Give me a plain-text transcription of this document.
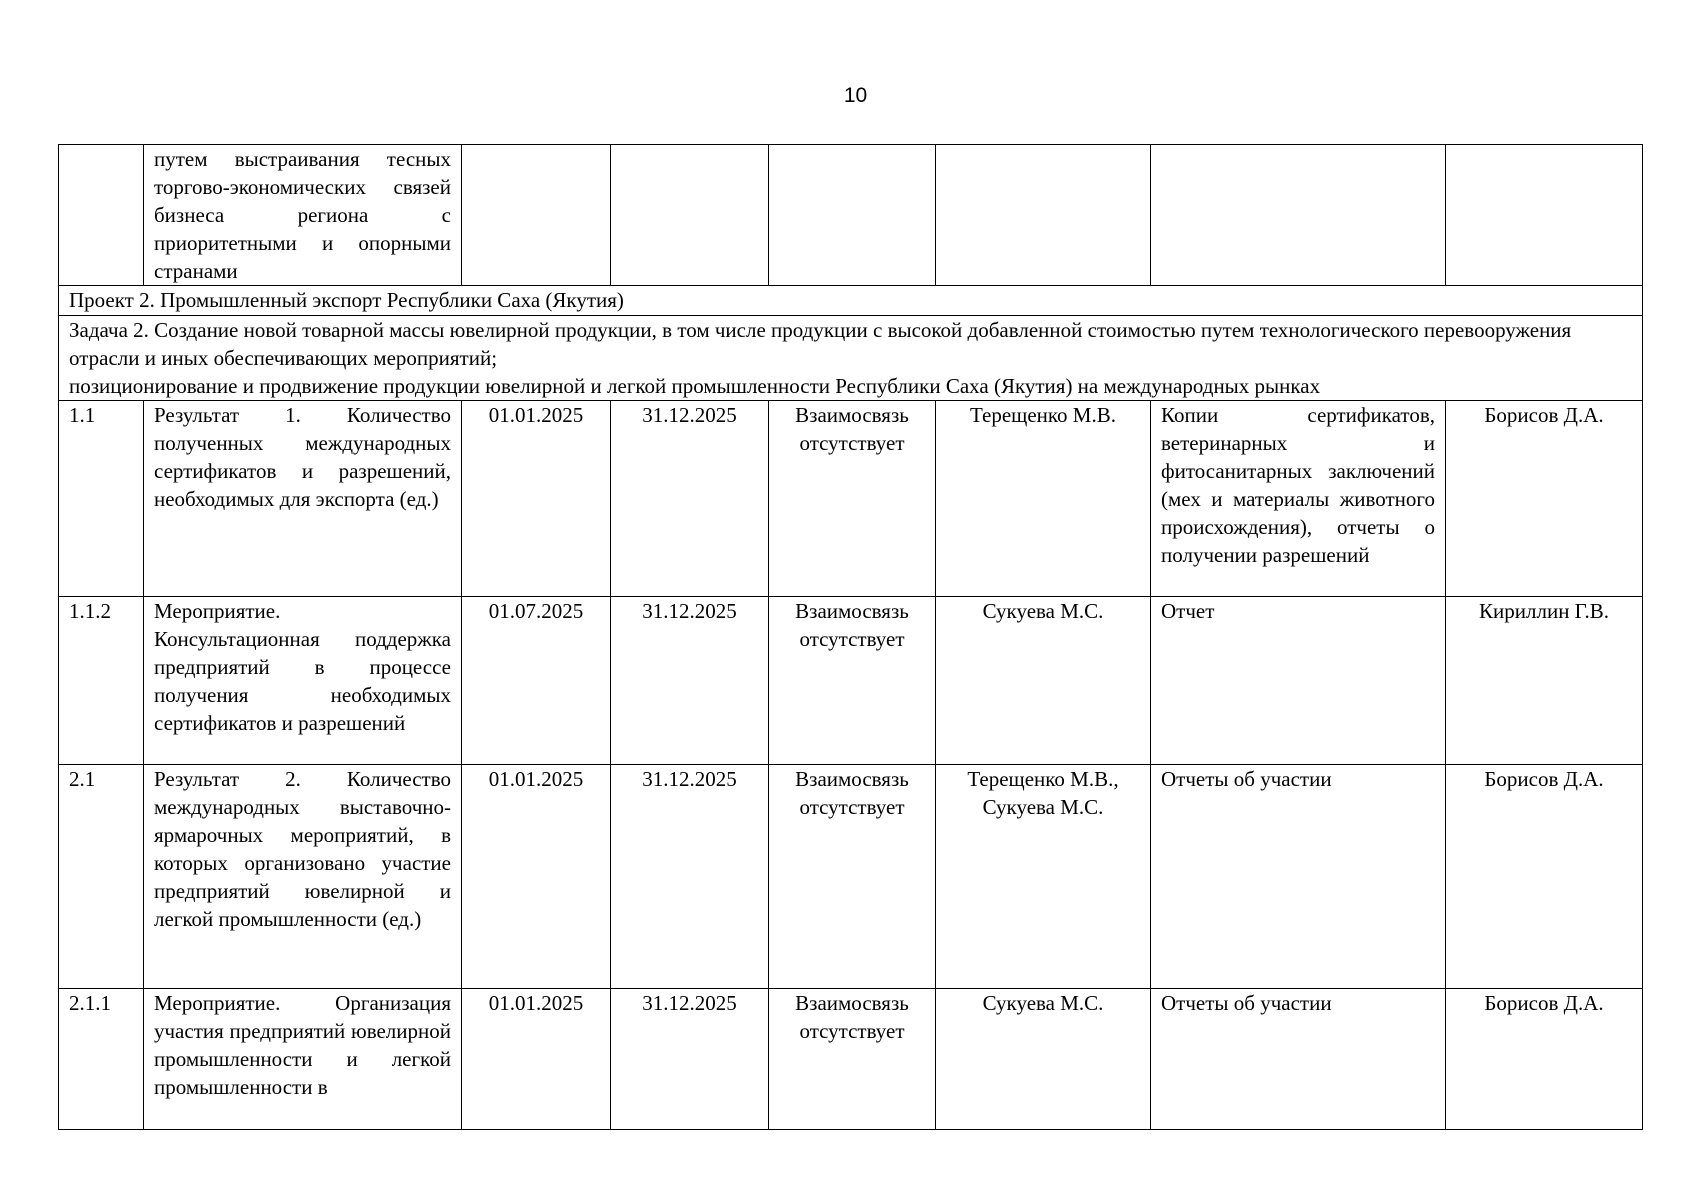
10
	путем выстраивания тесных торгово-экономических связей бизнеса региона с приоритетными и опорными странами						
Проект 2. Промышленный экспорт Республики Саха (Якутия)							

Задача 2. Создание новой товарной массы ювелирной продукции, в том числе продукции с высокой добавленной стоимостью путем технологического перевооружения отрасли и иных обеспечивающих мероприятий;
позиционирование и продвижение продукции ювелирной и легкой промышленности Республики Саха (Якутия) на международных рынках							

1.1	Результат 1. Количество полученных международных сертификатов и разрешений, необходимых для экспорта (ед.)	01.01.2025	31.12.2025	Взаимосвязь отсутствует	Терещенко М.В.	Копии сертификатов, ветеринарных и фитосанитарных заключений (мех и материалы животного происхождения), отчеты о получении разрешений	Борисов Д.А.
1.1.2	Мероприятие. Консультационная поддержка предприятий в процессе получения необходимых сертификатов и разрешений	01.07.2025	31.12.2025	Взаимосвязь отсутствует	Сукуева М.С.	Отчет	Кириллин Г.В.
2.1	Результат 2. Количество международных выставочно-ярмарочных мероприятий, в которых организовано участие предприятий ювелирной и легкой промышленности (ед.)	01.01.2025	31.12.2025	Взаимосвязь отсутствует	Терещенко М.В., Сукуева М.С.	Отчеты об участии	Борисов Д.А.
2.1.1	Мероприятие. Организация участия предприятий ювелирной промышленности и легкой промышленности в	01.01.2025	31.12.2025	Взаимосвязь отсутствует	Сукуева М.С.	Отчеты об участии	Борисов Д.А.
